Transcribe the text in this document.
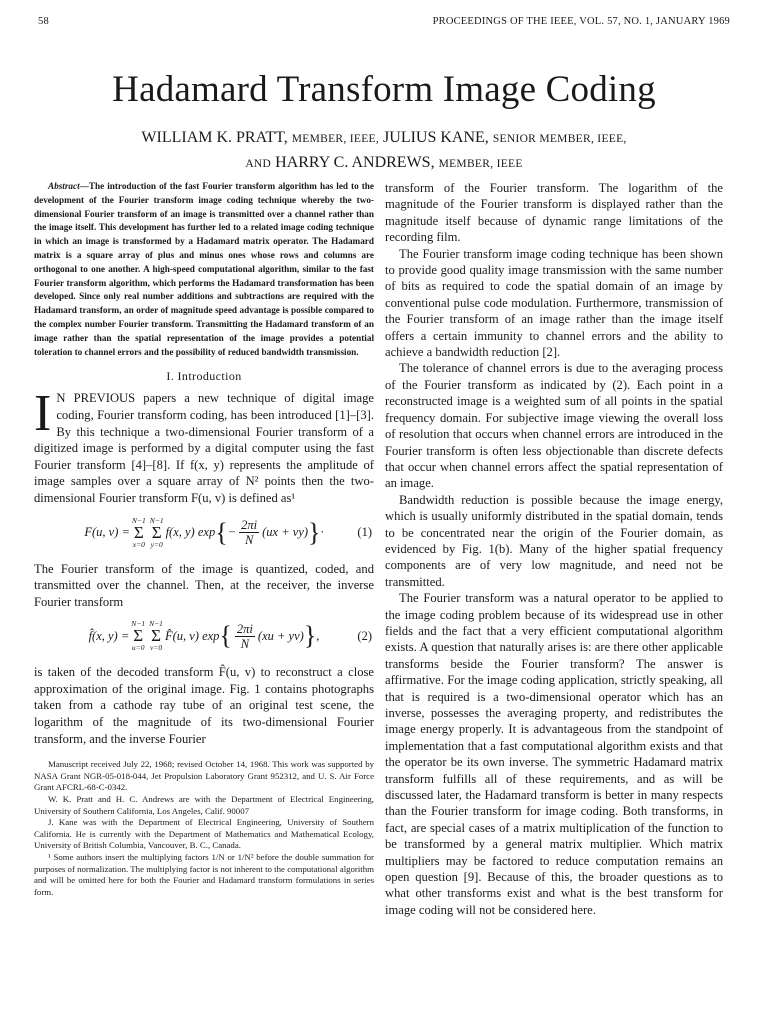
58	PROCEEDINGS OF THE IEEE, VOL. 57, NO. 1, JANUARY 1969
Hadamard Transform Image Coding
WILLIAM K. PRATT, MEMBER, IEEE, JULIUS KANE, SENIOR MEMBER, IEEE,
AND HARRY C. ANDREWS, MEMBER, IEEE

Abstract—The introduction of the fast Fourier transform algorithm has led to the development of the Fourier transform image coding technique whereby the two-dimensional Fourier transform of an image is transmitted over a channel rather than the image itself. This development has further led to a related image coding technique in which an image is transformed by a Hadamard matrix operator. The Hadamard matrix is a square array of plus and minus ones whose rows and columns are orthogonal to one another. A high-speed computational algorithm, similar to the fast Fourier transform algorithm, which performs the Hadamard transformation has been developed. Since only real number additions and subtractions are required with the Hadamard transform, an order of magnitude speed advantage is possible compared to the complex number Fourier transform. Transmitting the Hadamard transform of an image rather than the spatial representation of the image provides a potential toleration to channel errors and the possibility of reduced bandwidth transmission.

I. Introduction

I N PREVIOUS papers a new technique of digital image coding, Fourier transform coding, has been introduced [1]–[3]. By this technique a two-dimensional Fourier transform of a digitized image is performed by a digital computer using the fast Fourier transform [4]–[8]. If f(x, y) represents the amplitude of image samples over a square array of N² points then the two-dimensional Fourier transform F(u, v) is defined as¹

F(u, v) =
N−1
Σ
x=0
N−1
Σ
y=0
f(x, y) exp { − $\frac{2\pi i}{N} (ux + vy)$ } ·	(1)

The Fourier transform of the image is quantized, coded, and transmitted over the channel. Then, at the receiver, the inverse Fourier transform

f̂(x, y) =
N−1
Σ
u=0
N−1
Σ
v=0
F̂(u, v) exp { $\frac{2\pi i}{N} (xu + yv)$ } ,	(2)

is taken of the decoded transform F̂(u, v) to reconstruct a close approximation of the original image. Fig. 1 contains photographs taken from a cathode ray tube of an original test scene, the logarithm of the magnitude of its two-dimensional Fourier transform, and the inverse Fourier

Manuscript received July 22, 1968; revised October 14, 1968. This work was supported by NASA Grant NGR-05-018-044, Jet Propulsion Laboratory Grant 952312, and U. S. Air Force Grant AFCRL-68-C-0342.

W. K. Pratt and H. C. Andrews are with the Department of Electrical Engineering, University of Southern California, Los Angeles, Calif. 90007

J. Kane was with the Department of Electrical Engineering, University of Southern California. He is currently with the Department of Mathematics and Mathematical Ecology, University of British Columbia, Vancouver, B. C., Canada.

¹ Some authors insert the multiplying factors 1/N or 1/N² before the double summation for purposes of normalization. The multiplying factor is not inherent to the computational algorithm and will be omitted here for both the Fourier and Hadamard transform formulations in series form.

transform of the Fourier transform. The logarithm of the magnitude of the Fourier transform is displayed rather than the magnitude itself because of dynamic range limitations of the recording film.

The Fourier transform image coding technique has been shown to provide good quality image transmission with the same number of bits as required to code the spatial domain of an image by conventional pulse code modulation. Furthermore, transmission of the Fourier transform of an image rather than the image itself offers a certain immunity to channel errors and the ability to achieve a bandwidth reduction [2].

The tolerance of channel errors is due to the averaging process of the Fourier transform as indicated by (2). Each point in a reconstructed image is a weighted sum of all points in the spatial frequency domain. For subjective image viewing the overall loss of resolution that occurs when channel errors are introduced in the Fourier transform is often less objectionable than discrete defects that occur when channel errors affect the spatial representation of an image.

Bandwidth reduction is possible because the image energy, which is usually uniformly distributed in the spatial domain, tends to be concentrated near the origin of the Fourier domain, as evidenced by Fig. 1(b). Many of the higher spatial frequency components are of very low magnitude, and need not be transmitted.

The Fourier transform was a natural operator to be applied to the image coding problem because of its widespread use in other fields and the fact that a very efficient computational algorithm exists. A question that naturally arises is: are there other applicable transforms beside the Fourier transform? The answer is affirmative. For the image coding application, strictly speaking, all that is required is a two-dimensional operator which has an inverse, possesses the averaging property, and redistributes the image energy properly. It is advantageous from the standpoint of implementation that a fast computational algorithm exists and that the operator be its own inverse. The symmetric Hadamard matrix transform fulfills all of these requirements, and as will be discussed later, the Hadamard transform is better in many respects than the Fourier transform for image coding. Both transforms, in fact, are special cases of a matrix multiplication of the function to be transformed by a general matrix multiplier. Which matrix multipliers may be factored to reduce computation remains an open question [9]. Because of this, the broader questions as to what other transforms exist and what is the best transform for image coding will not be considered here.
